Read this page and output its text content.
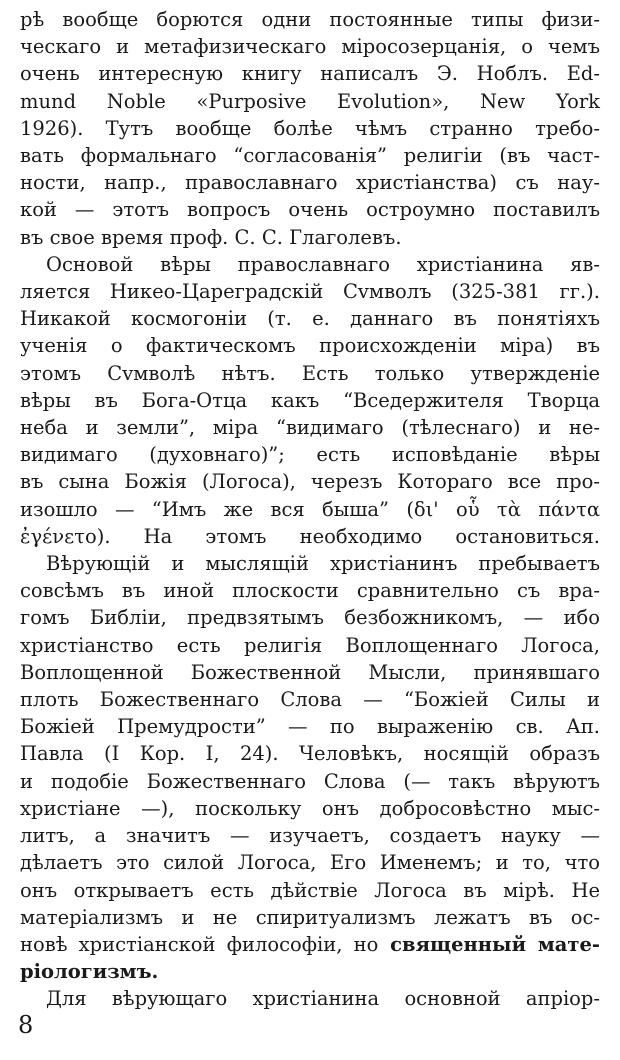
рѣ вообще борются одни постоянные типы физи-
ческаго и метафизическаго міросозерцанія, о чемъ
очень интересную книгу написалъ Э. Ноблъ. Ed-
mund Noble «Purposive Evolution», New York
1926). Тутъ вообще болѣе чѣмъ странно требо-
вать формальнаго “согласованія” религіи (въ част-
ности, напр., православнаго христіанства) съ нау-
кой — этотъ вопросъ очень остроумно поставилъ
въ свое время проф. С. С. Глаголевъ.
Основой вѣры православнаго христіанина яв-
ляется Никео-Цареградскій Сvмволъ (325-381 гг.).
Никакой космогоніи (т. е. даннаго въ понятіяхъ
ученія о фактическомъ происхожденіи міра) въ
этомъ Сvмволѣ нѣтъ. Есть только утвержденіе
вѣры въ Бога-Отца какъ “Вседержителя Творца
неба и земли”, міра “видимаго (тѣлеснаго) и не-
видимаго (духовнаго)”; есть исповѣданіе вѣры
въ сына Божія (Логоса), черезъ Котораго все про-
изошло — “Имъ же вся быша” (δι' οὗ τὰ πάντα
ἐγένετο). На этомъ необходимо остановиться.
Вѣрующій и мыслящій христіанинъ пребываетъ
совсѣмъ въ иной плоскости сравнительно съ вра-
гомъ Библіи, предвзятымъ безбожникомъ, — ибо
христіанство есть религія Воплощеннаго Логоса,
Воплощенной Божественной Мысли, принявшаго
плоть Божественнаго Слова — “Божіей Силы и
Божіей Премудрости” — по выраженію св. Ап.
Павла (I Кор. I, 24). Человѣкъ, носящій образъ
и подобіе Божественнаго Слова (— такъ вѣруютъ
христіане —), поскольку онъ добросовѣстно мыс-
литъ, а значитъ — изучаетъ, создаетъ науку —
дѣлаетъ это силой Логоса, Его Именемъ; и то, что
онъ открываетъ есть дѣйствіе Логоса въ мірѣ. Не
матеріализмъ и не спиритуализмъ лежатъ въ ос-
новѣ христіанской философіи, но священный мате-
ріологизмъ.
Для вѣрующаго христіанина основной апріор-
8
